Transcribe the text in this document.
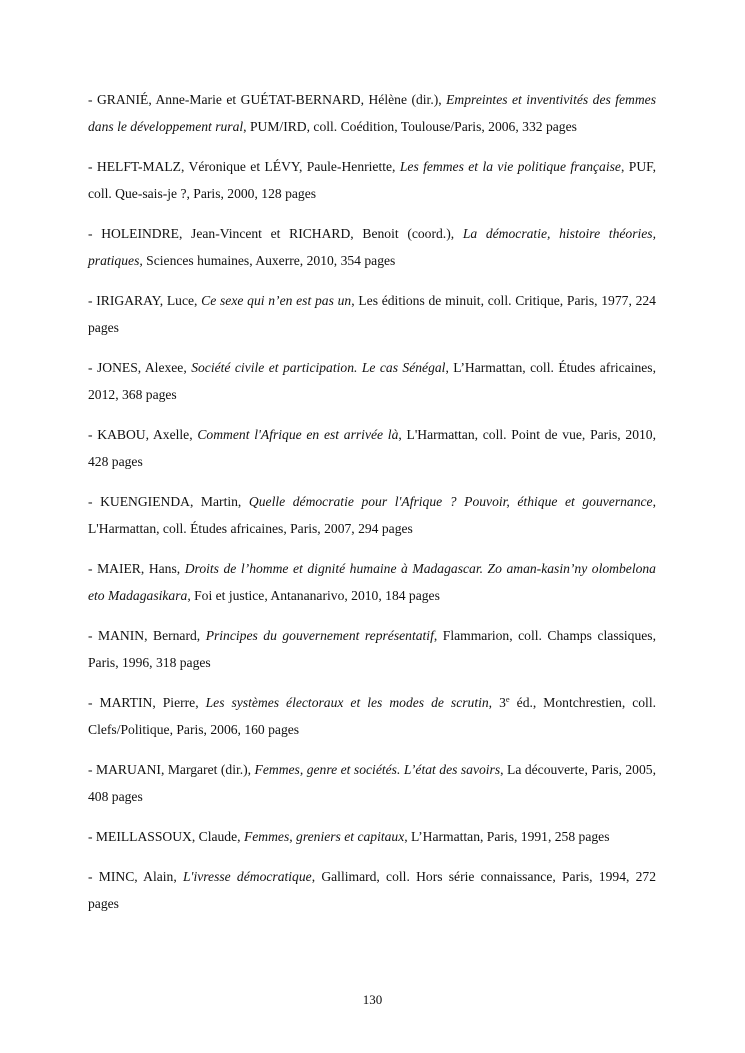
- GRANIÉ, Anne-Marie et GUÉTAT-BERNARD, Hélène (dir.), Empreintes et inventivités des femmes dans le développement rural, PUM/IRD, coll. Coédition, Toulouse/Paris, 2006, 332 pages

- HELFT-MALZ, Véronique et LÉVY, Paule-Henriette, Les femmes et la vie politique française, PUF, coll. Que-sais-je ?, Paris, 2000, 128 pages

- HOLEINDRE, Jean-Vincent et RICHARD, Benoit (coord.), La démocratie, histoire théories, pratiques, Sciences humaines, Auxerre, 2010, 354 pages

- IRIGARAY, Luce, Ce sexe qui n’en est pas un, Les éditions de minuit, coll. Critique, Paris, 1977, 224 pages

- JONES, Alexee, Société civile et participation. Le cas Sénégal, L’Harmattan, coll. Études africaines, 2012, 368 pages

- KABOU, Axelle, Comment l'Afrique en est arrivée là, L'Harmattan, coll. Point de vue, Paris, 2010, 428 pages

- KUENGIENDA, Martin, Quelle démocratie pour l'Afrique ? Pouvoir, éthique et gouvernance, L'Harmattan, coll. Études africaines, Paris, 2007, 294 pages

- MAIER, Hans, Droits de l’homme et dignité humaine à Madagascar. Zo aman-kasin’ny olombelona eto Madagasikara, Foi et justice, Antananarivo, 2010, 184 pages

- MANIN, Bernard, Principes du gouvernement représentatif, Flammarion, coll. Champs classiques, Paris, 1996, 318 pages

- MARTIN, Pierre, Les systèmes électoraux et les modes de scrutin, 3e éd., Montchrestien, coll. Clefs/Politique, Paris, 2006, 160 pages

- MARUANI, Margaret (dir.), Femmes, genre et sociétés. L’état des savoirs, La découverte, Paris, 2005, 408 pages

- MEILLASSOUX, Claude, Femmes, greniers et capitaux, L’Harmattan, Paris, 1991, 258 pages

- MINC, Alain, L'ivresse démocratique, Gallimard, coll. Hors série connaissance, Paris, 1994, 272 pages

130
